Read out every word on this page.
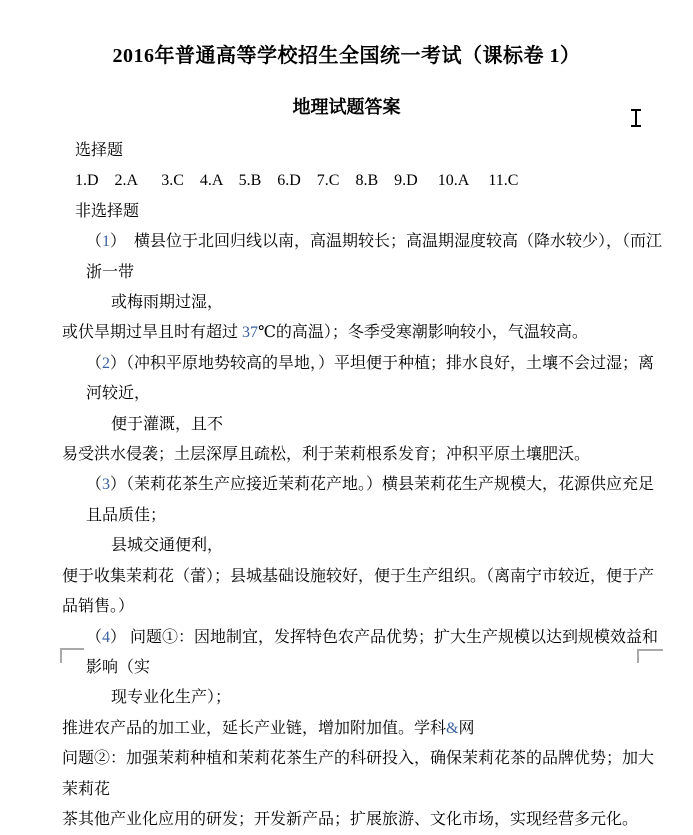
2016年普通高等学校招生全国统一考试（课标卷 1）
地理试题答案
选择题
1.D    2.A      3.C    4.A    5.B    6.D    7.C    8.B    9.D     10.A     11.C
非选择题
（1）　横县位于北回归线以南，高温期较长；高温期湿度较高（降水较少），（而江浙一带
或梅雨期过湿，
或伏旱期过旱且时有超过 37℃的高温）；冬季受寒潮影响较小，气温较高。
（2）（冲积平原地势较高的旱地，）平坦便于种植；排水良好，土壤不会过湿；离河较近，
便于灌溉，且不
易受洪水侵袭；土层深厚且疏松，利于茉莉根系发育；冲积平原土壤肥沃。
（3）（茉莉花茶生产应接近茉莉花产地。）横县茉莉花生产规模大，花源供应充足且品质佳；
县城交通便利，
便于收集茉莉花（蕾）；县城基础设施较好，便于生产组织。（离南宁市较近，便于产品销售。）
（4） 问题①：因地制宜，发挥特色农产品优势；扩大生产规模以达到规模效益和影响（实
现专业化生产）；
推进农产品的加工业，延长产业链，增加附加值。学科&网
问题②：加强茉莉种植和茉莉花茶生产的科研投入，确保茉莉花茶的品牌优势；加大茉莉花
茶其他产业化应用的研发；开发新产品；扩展旅游、文化市场，实现经营多元化。
